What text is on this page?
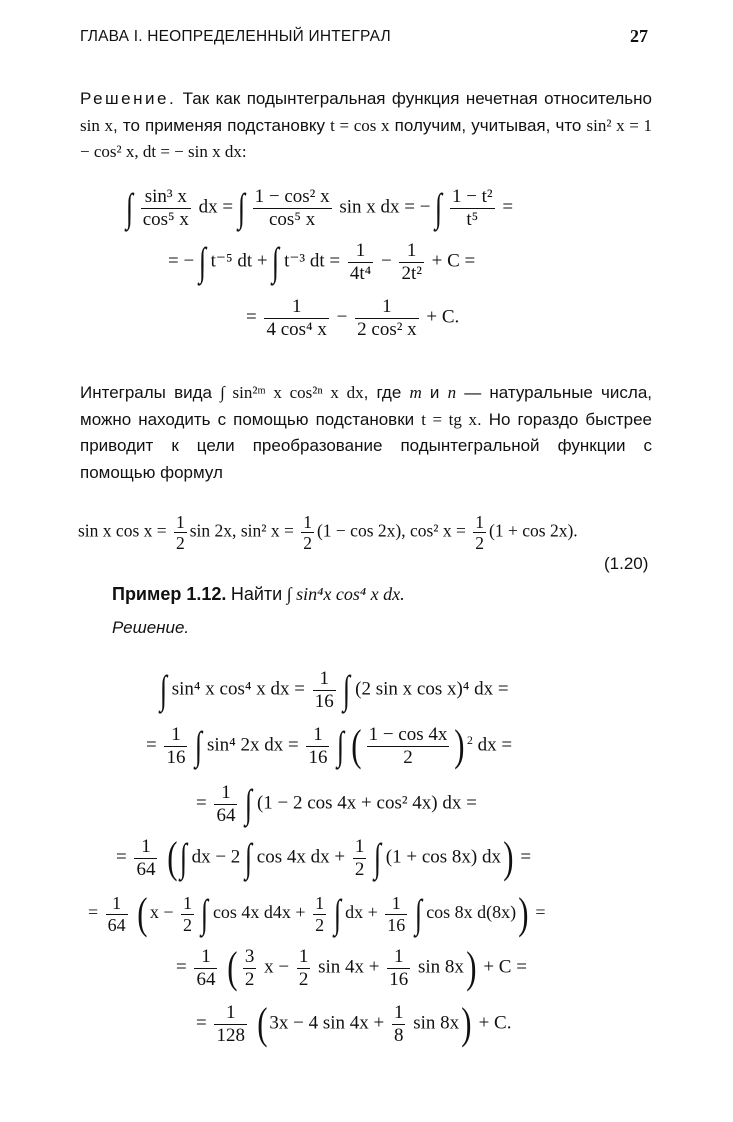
ГЛАВА I. НЕОПРЕДЕЛЕННЫЙ ИНТЕГРАЛ	27
Решение. Так как подынтегральная функция нечетная относительно sin x, то применяя подстановку t = cos x получим, учитывая, что sin² x = 1 − cos² x, dt = − sin x dx:
∫ $\frac{\text{sin³ x}}{\text{cos⁵ x}}$ dx = ∫ $\frac{\text{1 − cos² x}}{\text{cos⁵ x}}$ sin x dx = − ∫ $\frac{\text{1 − t²}}{\text{t⁵}}$ =
= − ∫ t⁻⁵ dt + ∫ t⁻³ dt = $\frac{1}{\text{4t⁴}} - \frac{1}{\text{2t²}} + C$ =
= $\frac{1}{\text{4 cos⁴ x}} - \frac{1}{\text{2 cos² x}} + C$.
Интегралы вида ∫ sin²ᵐ x cos²ⁿ x dx, где m и n — натуральные числа, можно находить с помощью подстановки t = tg x. Но гораздо быстрее приводит к цели преобразование подынтегральной функции с помощью формул
sin x $\cos x = \frac{1}{2}$ sin 2x, sin² $x = \frac{1}{2} (1 - \cos 2x)$, cos² $x = \frac{1}{2} (1 + \cos 2x)$.
(1.20)
Пример 1.12. Найти ∫ sin⁴x cos⁴ x dx.
Решение.
∫ sin⁴ x cos⁴ x dx = $\frac{1}{16}$ ∫ (2 sin x cos x)⁴ dx =
= $\frac{1}{16}$ ∫ sin⁴ 2x dx = $\frac{1}{16}$ ∫ ( $\frac{1 - \cos 4x}{2}$ ) $^2$ dx =
= $\frac{1}{64}$ ∫ (1 − 2 cos 4x + cos² 4x) dx =
= $\frac{1}{64}$ (∫ dx − 2 ∫ cos 4x dx + $\frac{1}{2}$ ∫ (1 + cos 8x) dx) =
= $\frac{1}{64}$ ( $x - \frac{1}{2}$ ∫ cos 4x $d4x + \frac{1}{2}$ ∫ dx + $\frac{1}{16}$ ∫ cos 8x d(8x)) =
= $\frac{1}{64}$ ( $\frac{3}{2}$ $x - \frac{1}{2}$ $\sin 4x + \frac{1}{16}$ sin 8x) + C =
= $\frac{1}{128}$ ( 3x − 4 $\sin 4x + \frac{1}{8}$ sin 8x) + C.
